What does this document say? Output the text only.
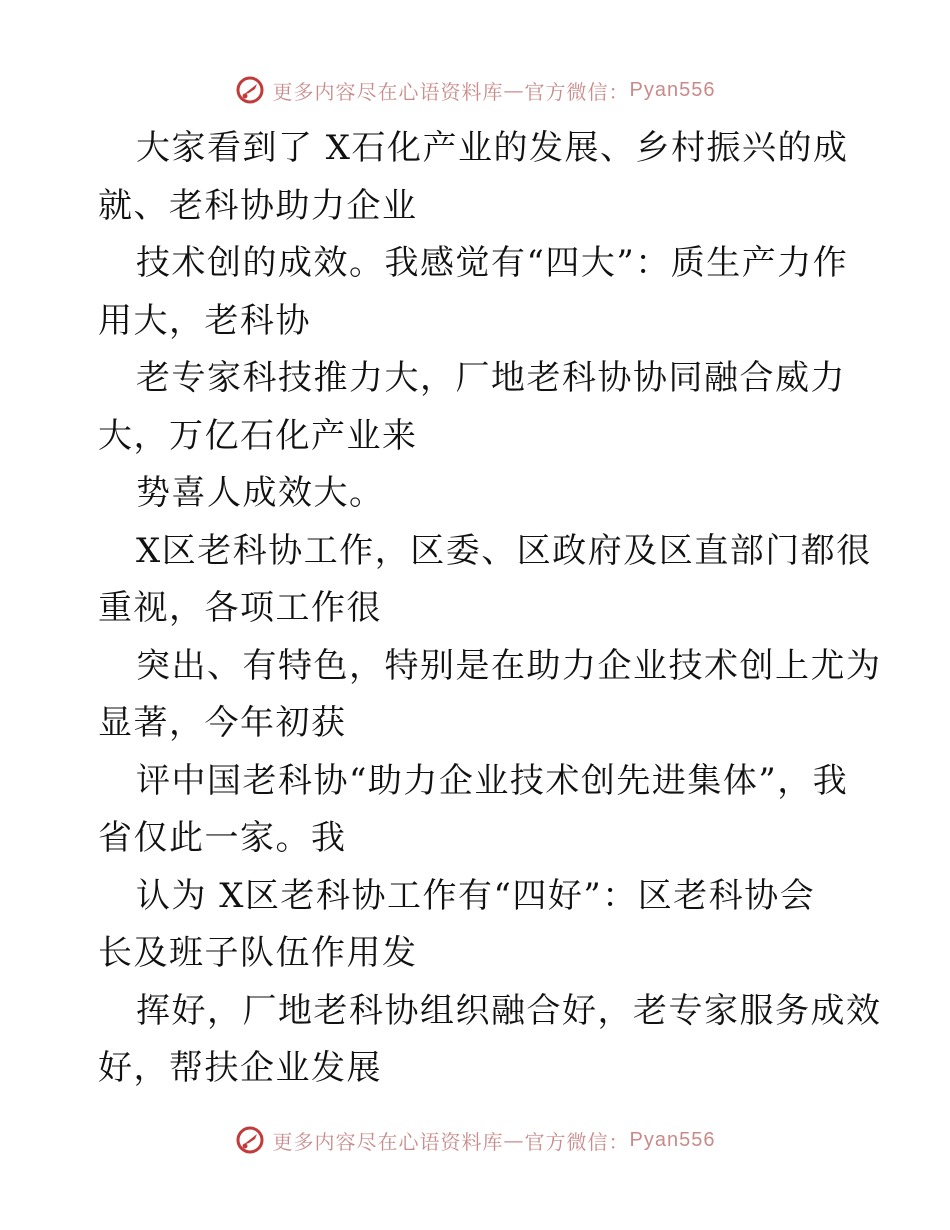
更多内容尽在心语资料库 — 官方微信： Pyan556
大家看到了 X石化产业的发展、乡村振兴的成
就、老科协助力企业
技术创的成效。我感觉有“四大”：质生产力作
用大，老科协
老专家科技推力大，厂地老科协协同融合威力
大，万亿石化产业来
势喜人成效大。
X区老科协工作，区委、区政府及区直部门都很
重视，各项工作很
突出、有特色，特别是在助力企业技术创上尤为
显著，今年初获
评中国老科协“助力企业技术创先进集体”，我
省仅此一家。我
认为 X区老科协工作有“四好”：区老科协会
长及班子队伍作用发
挥好，厂地老科协组织融合好，老专家服务成效
好，帮扶企业发展
更多内容尽在心语资料库 — 官方微信： Pyan556
